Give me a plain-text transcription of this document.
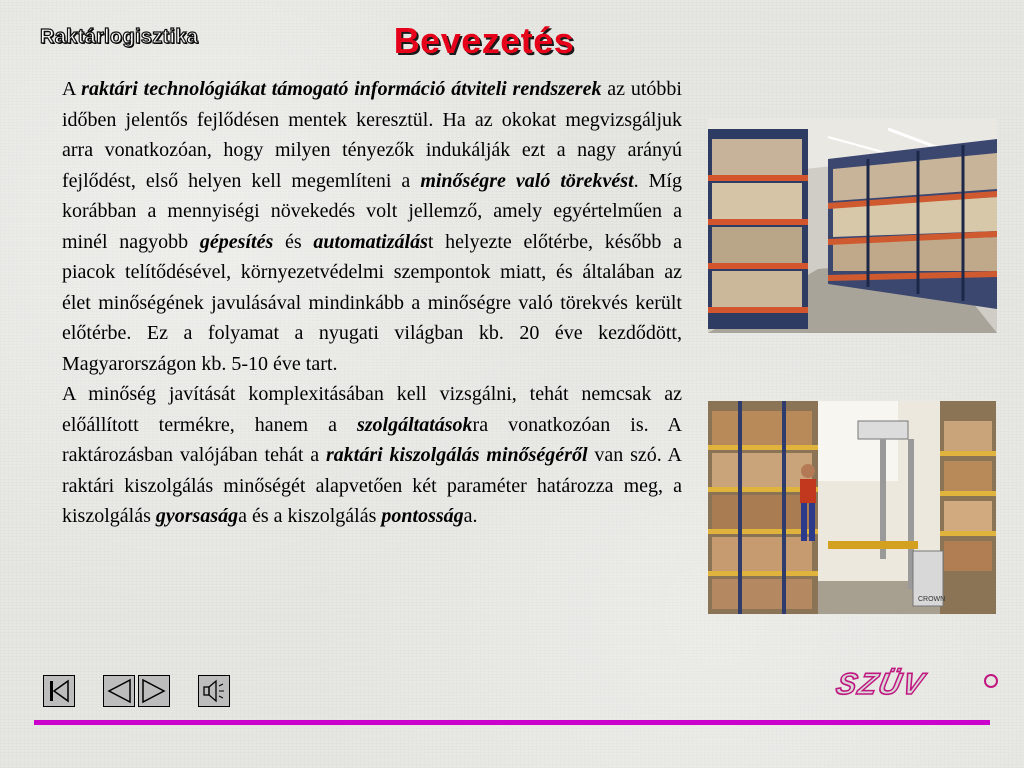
Raktárlogisztika	Bevezetés

A raktári technológiákat támogató információ átviteli rendszerek az utóbbi időben jelentős fejlődésen mentek keresztül. Ha az okokat megvizsgáljuk arra vonatkozóan, hogy milyen tényezők indukálják ezt a nagy arányú fejlődést, első helyen kell megemlíteni a minőségre való törekvést. Míg korábban a mennyiségi növekedés volt jellemző, amely egyértelműen a minél nagyobb gépesítés és automatizálást helyezte előtérbe, később a piacok telítődésével, környezetvédelmi szempontok miatt, és általában az élet minőségének javulásával mindinkább a minőségre való törekvés került előtérbe. Ez a folyamat a nyugati világban kb. 20 éve kezdődött, Magyarországon kb. 5-10 éve tart.

A minőség javítását komplexitásában kell vizsgálni, tehát nemcsak az előállított termékre, hanem a szolgáltatásokra vonatkozóan is. A raktározásban valójában tehát a raktári kiszolgálás minőségéről van szó. A raktári kiszolgálás minőségét alapvetően két paraméter határozza meg, a kiszolgálás gyorsasága és a kiszolgálás pontossága.

CROWN
SZÜV
